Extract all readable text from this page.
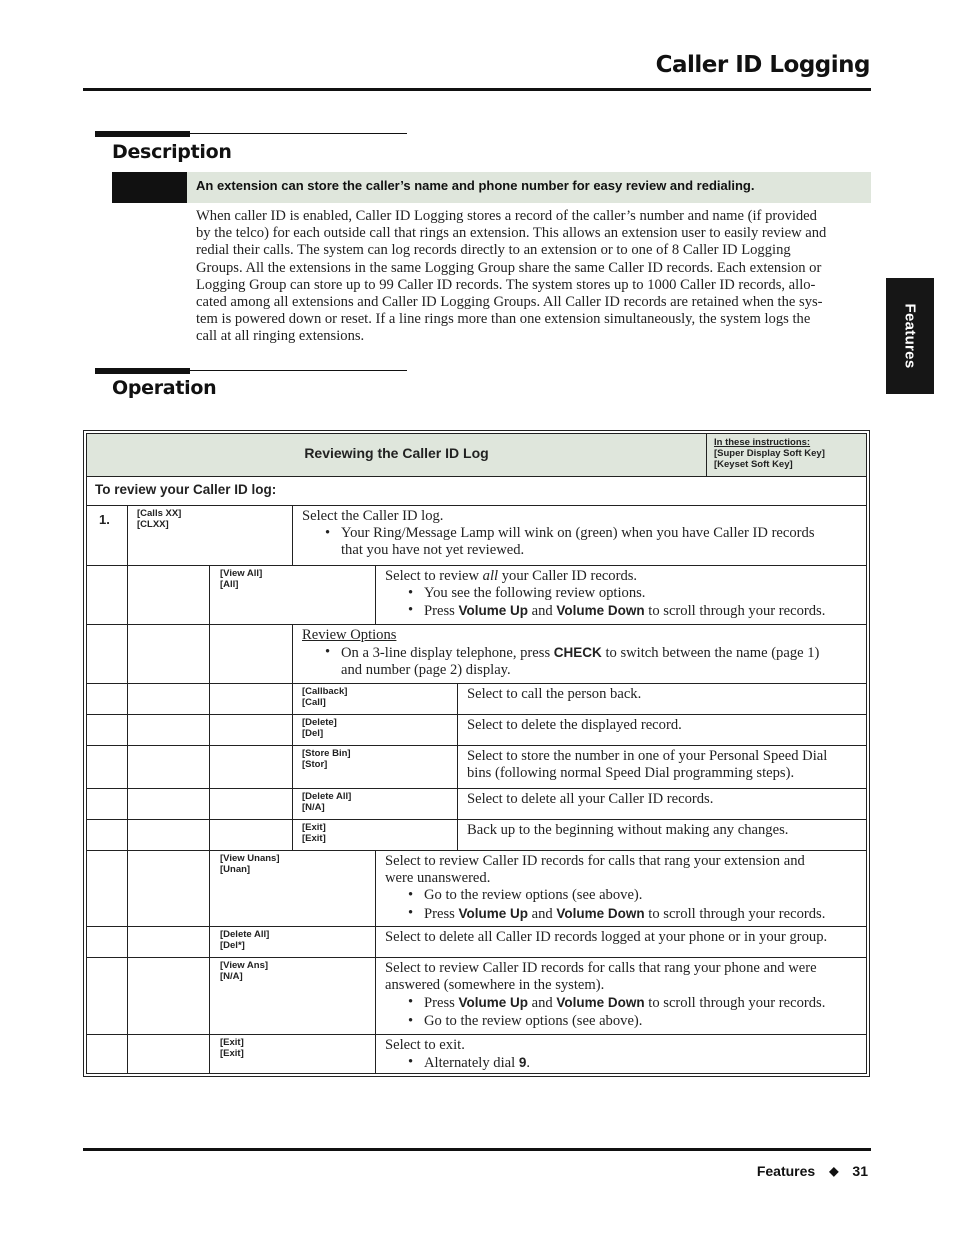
Caller ID Logging
Features
Description
An extension can store the caller’s name and phone number for easy review and redialing.

When caller ID is enabled, Caller ID Logging stores a record of the caller’s number and name (if provided

by the telco) for each outside call that rings an extension. This allows an extension user to easily review and

redial their calls. The system can log records directly to an extension or to one of 8 Caller ID Logging

Groups. All the extensions in the same Logging Group share the same Caller ID records. Each extension or

Logging Group can store up to 99 Caller ID records. The system stores up to 1000 Caller ID records, allo-

cated among all extensions and Caller ID Logging Groups. All Caller ID records are retained when the sys-

tem is powered down or reset. If a line rings more than one extension simultaneously, the system logs the

call at all ringing extensions.

Operation
Reviewing the Caller ID Log
In these instructions:
[Super Display Soft Key]
[Keyset Soft Key]
To review your Caller ID log:
1.	[Calls XX]
[CLXX]	Select the Caller ID log.
• Your Ring/Message Lamp will wink on (green) when you have Caller ID records
that you have not yet reviewed.
[View All]
[All]	Select to review all your Caller ID records.
• You see the following review options.
• Press Volume Up and Volume Down to scroll through your records.
Review Options
• On a 3-line display telephone, press CHECK to switch between the name (page 1)
and number (page 2) display.
[Callback]
[Call]	Select to call the person back.
[Delete]
[Del]	Select to delete the displayed record.
[Store Bin]
[Stor]	Select to store the number in one of your Personal Speed Dial
bins (following normal Speed Dial programming steps).
[Delete All]
[N/A]	Select to delete all your Caller ID records.
[Exit]
[Exit]	Back up to the beginning without making any changes.
[View Unans]
[Unan]	Select to review Caller ID records for calls that rang your extension and
were unanswered.
• Go to the review options (see above).
• Press Volume Up and Volume Down to scroll through your records.
[Delete All]
[Del*]	Select to delete all Caller ID records logged at your phone or in your group.
[View Ans]
[N/A]	Select to review Caller ID records for calls that rang your phone and were
answered (somewhere in the system).
• Press Volume Up and Volume Down to scroll through your records.
• Go to the review options (see above).
[Exit]
[Exit]	Select to exit.
• Alternately dial 9.
Features ◆ 31
